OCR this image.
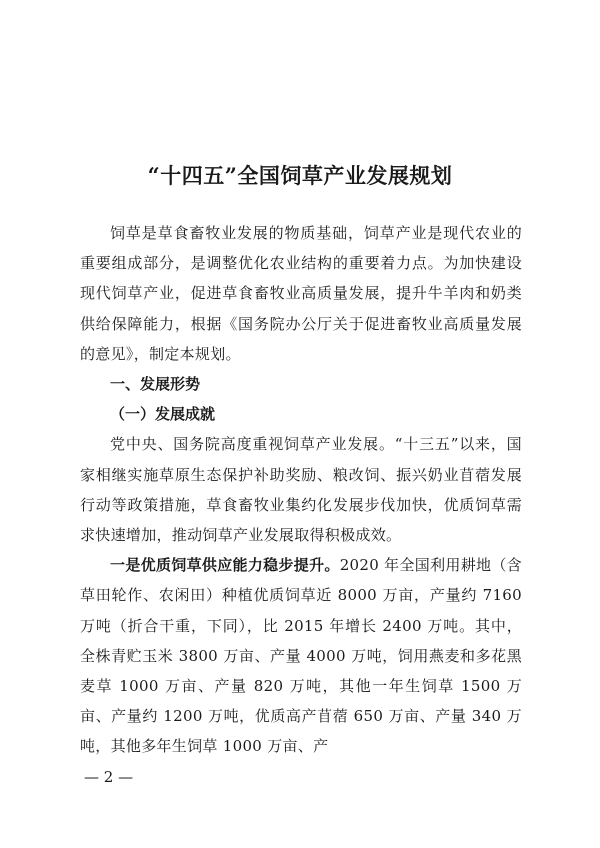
“十四五”全国饲草产业发展规划

饲草是草食畜牧业发展的物质基础，饲草产业是现代农业的重要组成部分，是调整优化农业结构的重要着力点。为加快建设现代饲草产业，促进草食畜牧业高质量发展，提升牛羊肉和奶类供给保障能力，根据《国务院办公厅关于促进畜牧业高质量发展的意见》，制定本规划。

一、发展形势

（一）发展成就

党中央、国务院高度重视饲草产业发展。“十三五”以来，国家相继实施草原生态保护补助奖励、粮改饲、振兴奶业苜蓿发展行动等政策措施，草食畜牧业集约化发展步伐加快，优质饲草需求快速增加，推动饲草产业发展取得积极成效。

一是优质饲草供应能力稳步提升。2020 年全国利用耕地（含草田轮作、农闲田）种植优质饲草近 8000 万亩，产量约 7160 万吨（折合干重，下同），比 2015 年增长 2400 万吨。其中，全株青贮玉米 3800 万亩、产量 4000 万吨，饲用燕麦和多花黑麦草 1000 万亩、产量 820 万吨，其他一年生饲草 1500 万亩、产量约 1200 万吨，优质高产苜蓿 650 万亩、产量 340 万吨，其他多年生饲草 1000 万亩、产

— 2 —
